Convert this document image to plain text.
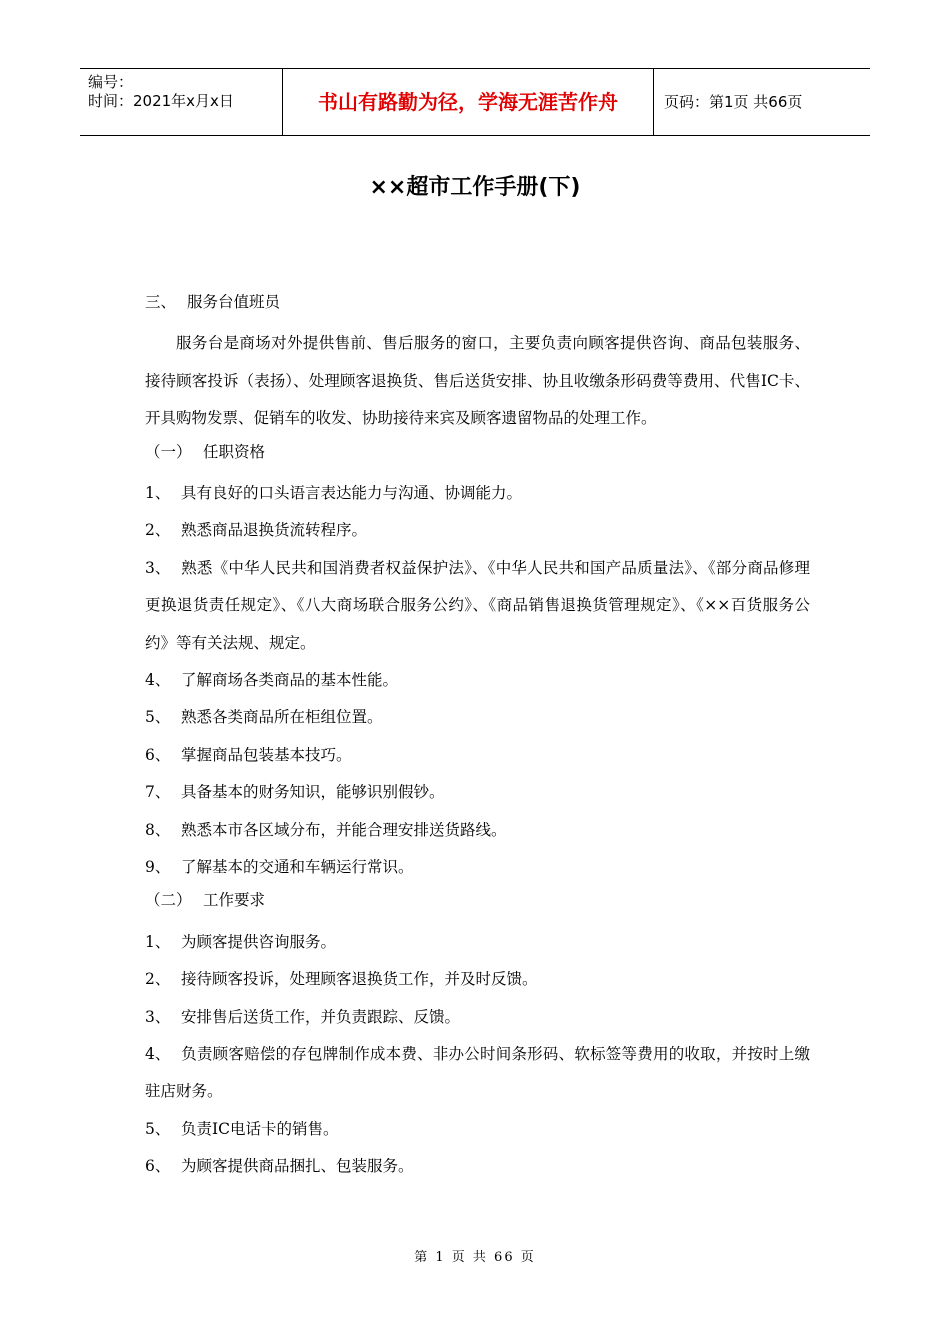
编号：
时间：2021年x月x日	书山有路勤为径，学海无涯苦作舟	页码：第1页 共66页
××超市工作手册(下)
三、 服务台值班员

服务台是商场对外提供售前、售后服务的窗口，主要负责向顾客提供咨询、商品包装服务、接待顾客投诉（表扬）、处理顾客退换货、售后送货安排、协且收缴条形码费等费用、代售IC卡、开具购物发票、促销车的收发、协助接待来宾及顾客遗留物品的处理工作。

（一） 任职资格

1、 具有良好的口头语言表达能力与沟通、协调能力。

2、 熟悉商品退换货流转程序。

3、 熟悉《中华人民共和国消费者权益保护法》、《中华人民共和国产品质量法》、《部分商品修理更换退货责任规定》、《八大商场联合服务公约》、《商品销售退换货管理规定》、《××百货服务公约》等有关法规、规定。

4、 了解商场各类商品的基本性能。

5、 熟悉各类商品所在柜组位置。

6、 掌握商品包装基本技巧。

7、 具备基本的财务知识，能够识别假钞。

8、 熟悉本市各区域分布，并能合理安排送货路线。

9、 了解基本的交通和车辆运行常识。

（二） 工作要求

1、 为顾客提供咨询服务。

2、 接待顾客投诉，处理顾客退换货工作，并及时反馈。

3、 安排售后送货工作，并负责跟踪、反馈。

4、 负责顾客赔偿的存包牌制作成本费、非办公时间条形码、软标签等费用的收取，并按时上缴驻店财务。

5、 负责IC电话卡的销售。

6、 为顾客提供商品捆扎、包装服务。

第 1 页 共 66 页
